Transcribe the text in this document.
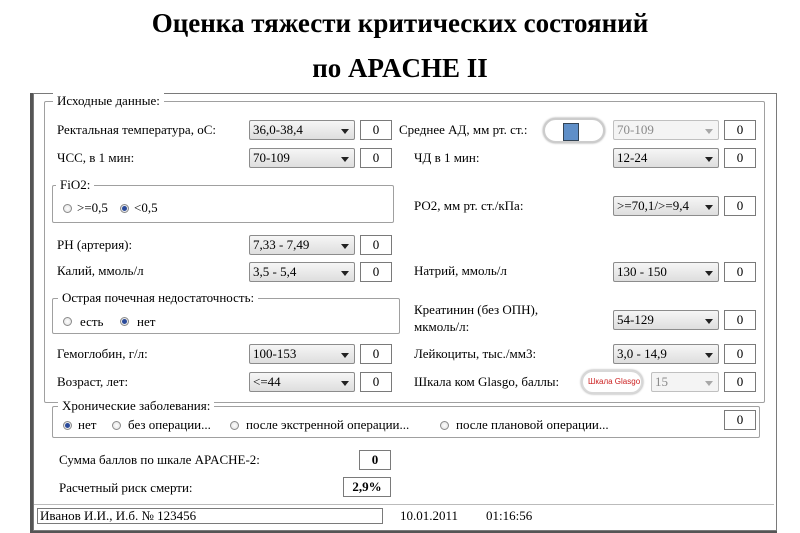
Оценка тяжести критических состояний
по APACHE II
Исходные данные:
Ректальная температура, оС:	36,0-38,4	0	Среднее АД, мм рт. ст.:	70-109	0
ЧСС, в 1 мин:	70-109	0	ЧД в 1 мин:	12-24	0
FiO2:
>=0,5 <0,5	РО2, мм рт. ст./кПа:	>=70,1/>=9,4	0
РН (артерия):	7,33 - 7,49	0
Калий, ммоль/л	3,5 - 5,4	0	Натрий, ммоль/л	130 - 150	0
Острая почечная недостаточность:
есть	нет
Креатинин (без ОПН),
мкмоль/л:	54-129	0
Гемоглобин, г/л:	100-153	0	Лейкоциты, тыс./мм3:	3,0 - 14,9	0
Возраст, лет:	<=44	0	Шкала ком Glasgo, баллы:	Шкала Glasgo	15	0
Хронические заболевания:
нет без операции...	после экстренной операции...	после плановой операции...	0
Сумма баллов по шкале APACHE-2:	0
Расчетный риск смерти:	2,9%
Иванов И.И., И.б. № 123456	10.01.2011 01:16:56
